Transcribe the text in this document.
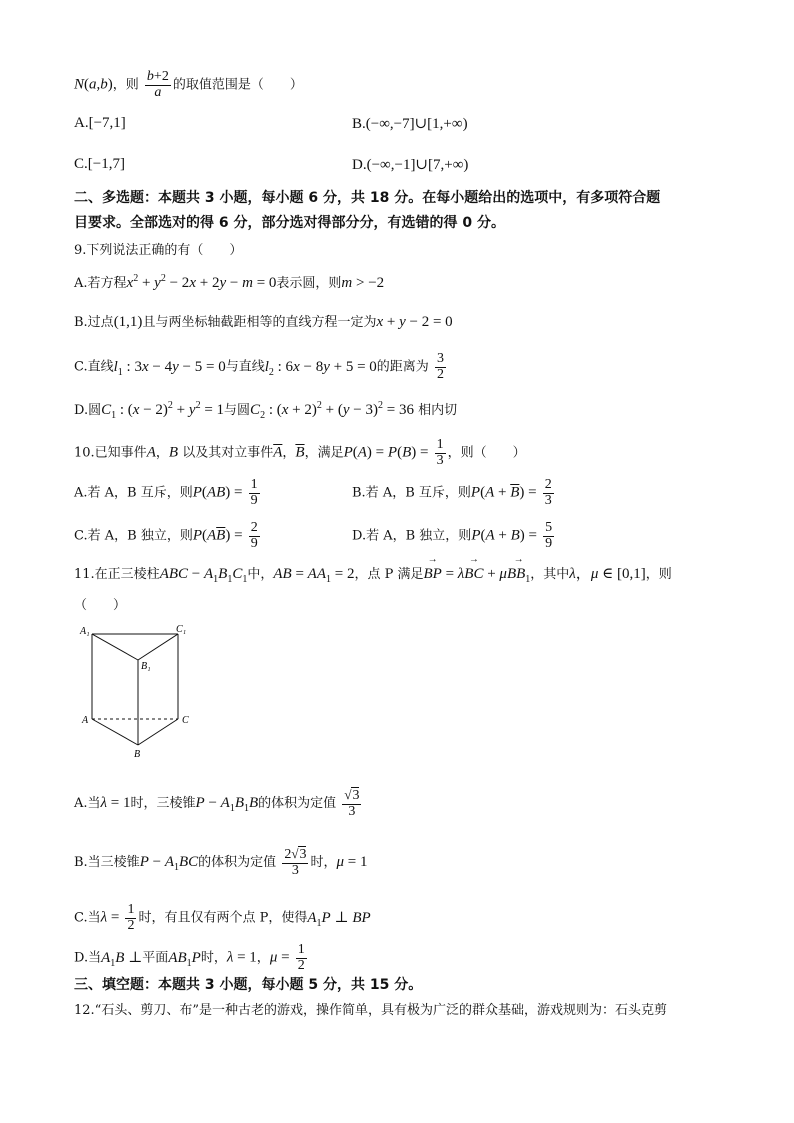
N(a,b)，则 $\frac{b+2}{a}$ 的取值范围是（　　）
A.[−7,1]	B.(−∞,−7]∪[1,+∞)
C.[−1,7]	D.(−∞,−1]∪[7,+∞)
二、多选题：本题共 3 小题，每小题 6 分，共 18 分。在每小题给出的选项中，有多项符合题
目要求。全部选对的得 6 分，部分选对得部分分，有选错的得 0 分。
9.下列说法正确的有（　　）
A.若方程$x^2 + y^2 - 2x + 2y - m = 0$表示圆，则m > −2
B.过点(1,1)且与两坐标轴截距相等的直线方程一定为x + y − 2 = 0
C.直线$l_1$ : 3x − 4y − 5 = 0与直线$l_2$ : 6x − 8y + 5 = 0的距离为 $\frac{3}{2}$
D.圆$C_1$ : $(x - 2)^2 + y^2 = 1$与圆$C_2$ : $(x + 2)^2 + (y - 3)^2 = 36$ 相内切
10.已知事件A，B 以及其对立事件$\overline{A}$，$\overline{B}$，满足$P(A) = P(B) = \frac{1}{3}$ ，则（　　）
A.若 A，B 互斥，则$P(AB) = \frac{1}{9}$	B.若 A，B 互斥，则$P(A + \overline{B}) = \frac{2}{3}$
C.若 A，B 独立，则$P(A\overline{B}) = \frac{2}{9}$	D.若 A，B 独立，则$P(A + B) = \frac{5}{9}$
11.在正三棱柱ABC − $A_1B_1C_1$中，AB = $AA_1 = 2$，点 P 满足→ BP = λ→ BC + $\mu\to BB_1$，其中λ，μ ∈ [0,1]，则
（　　）
A₁	C₁
B₁
A	C
B
A.当λ = 1时，三棱锥$P - A_1B_1B$的体积为定值 $\frac{√3}{3}$
B.当三棱锥$P - A_1BC$的体积为定值 $\frac{2√3}{3}$ 时，μ = 1
C.当$\lambda = \frac{1}{2}$ 时，有且仅有两个点 P，使得$A_1P$ ⊥ BP
D.当$A_1B$ ⊥平面$AB_1P$时，λ = 1，$\mu = \frac{1}{2}$
三、填空题：本题共 3 小题，每小题 5 分，共 15 分。
12.“石头、剪刀、布”是一种古老的游戏，操作简单，具有极为广泛的群众基础，游戏规则为：石头克剪
